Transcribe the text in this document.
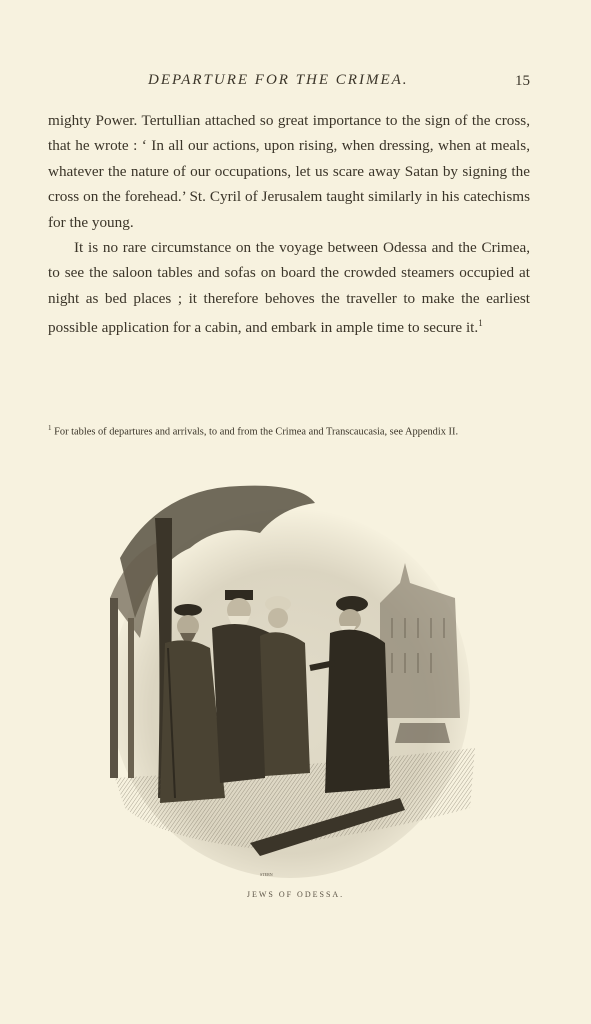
DEPARTURE FOR THE CRIMEA.	15

mighty Power. Tertullian attached so great importance to the sign of the cross, that he wrote : ‘ In all our actions, upon rising, when dressing, when at meals, whatever the nature of our occupations, let us scare away Satan by signing the cross on the forehead.’ St. Cyril of Jerusalem taught similarly in his catechisms for the young.

It is no rare circumstance on the voyage between Odessa and the Crimea, to see the saloon tables and sofas on board the crowded steamers occupied at night as bed places ; it therefore behoves the traveller to make the earliest possible application for a cabin, and embark in ample time to secure it.$^1$

$^1$ For tables of departures and arrivals, to and from the Crimea and Transcaucasia, see Appendix II.
STERN
JEWS OF ODESSA.
